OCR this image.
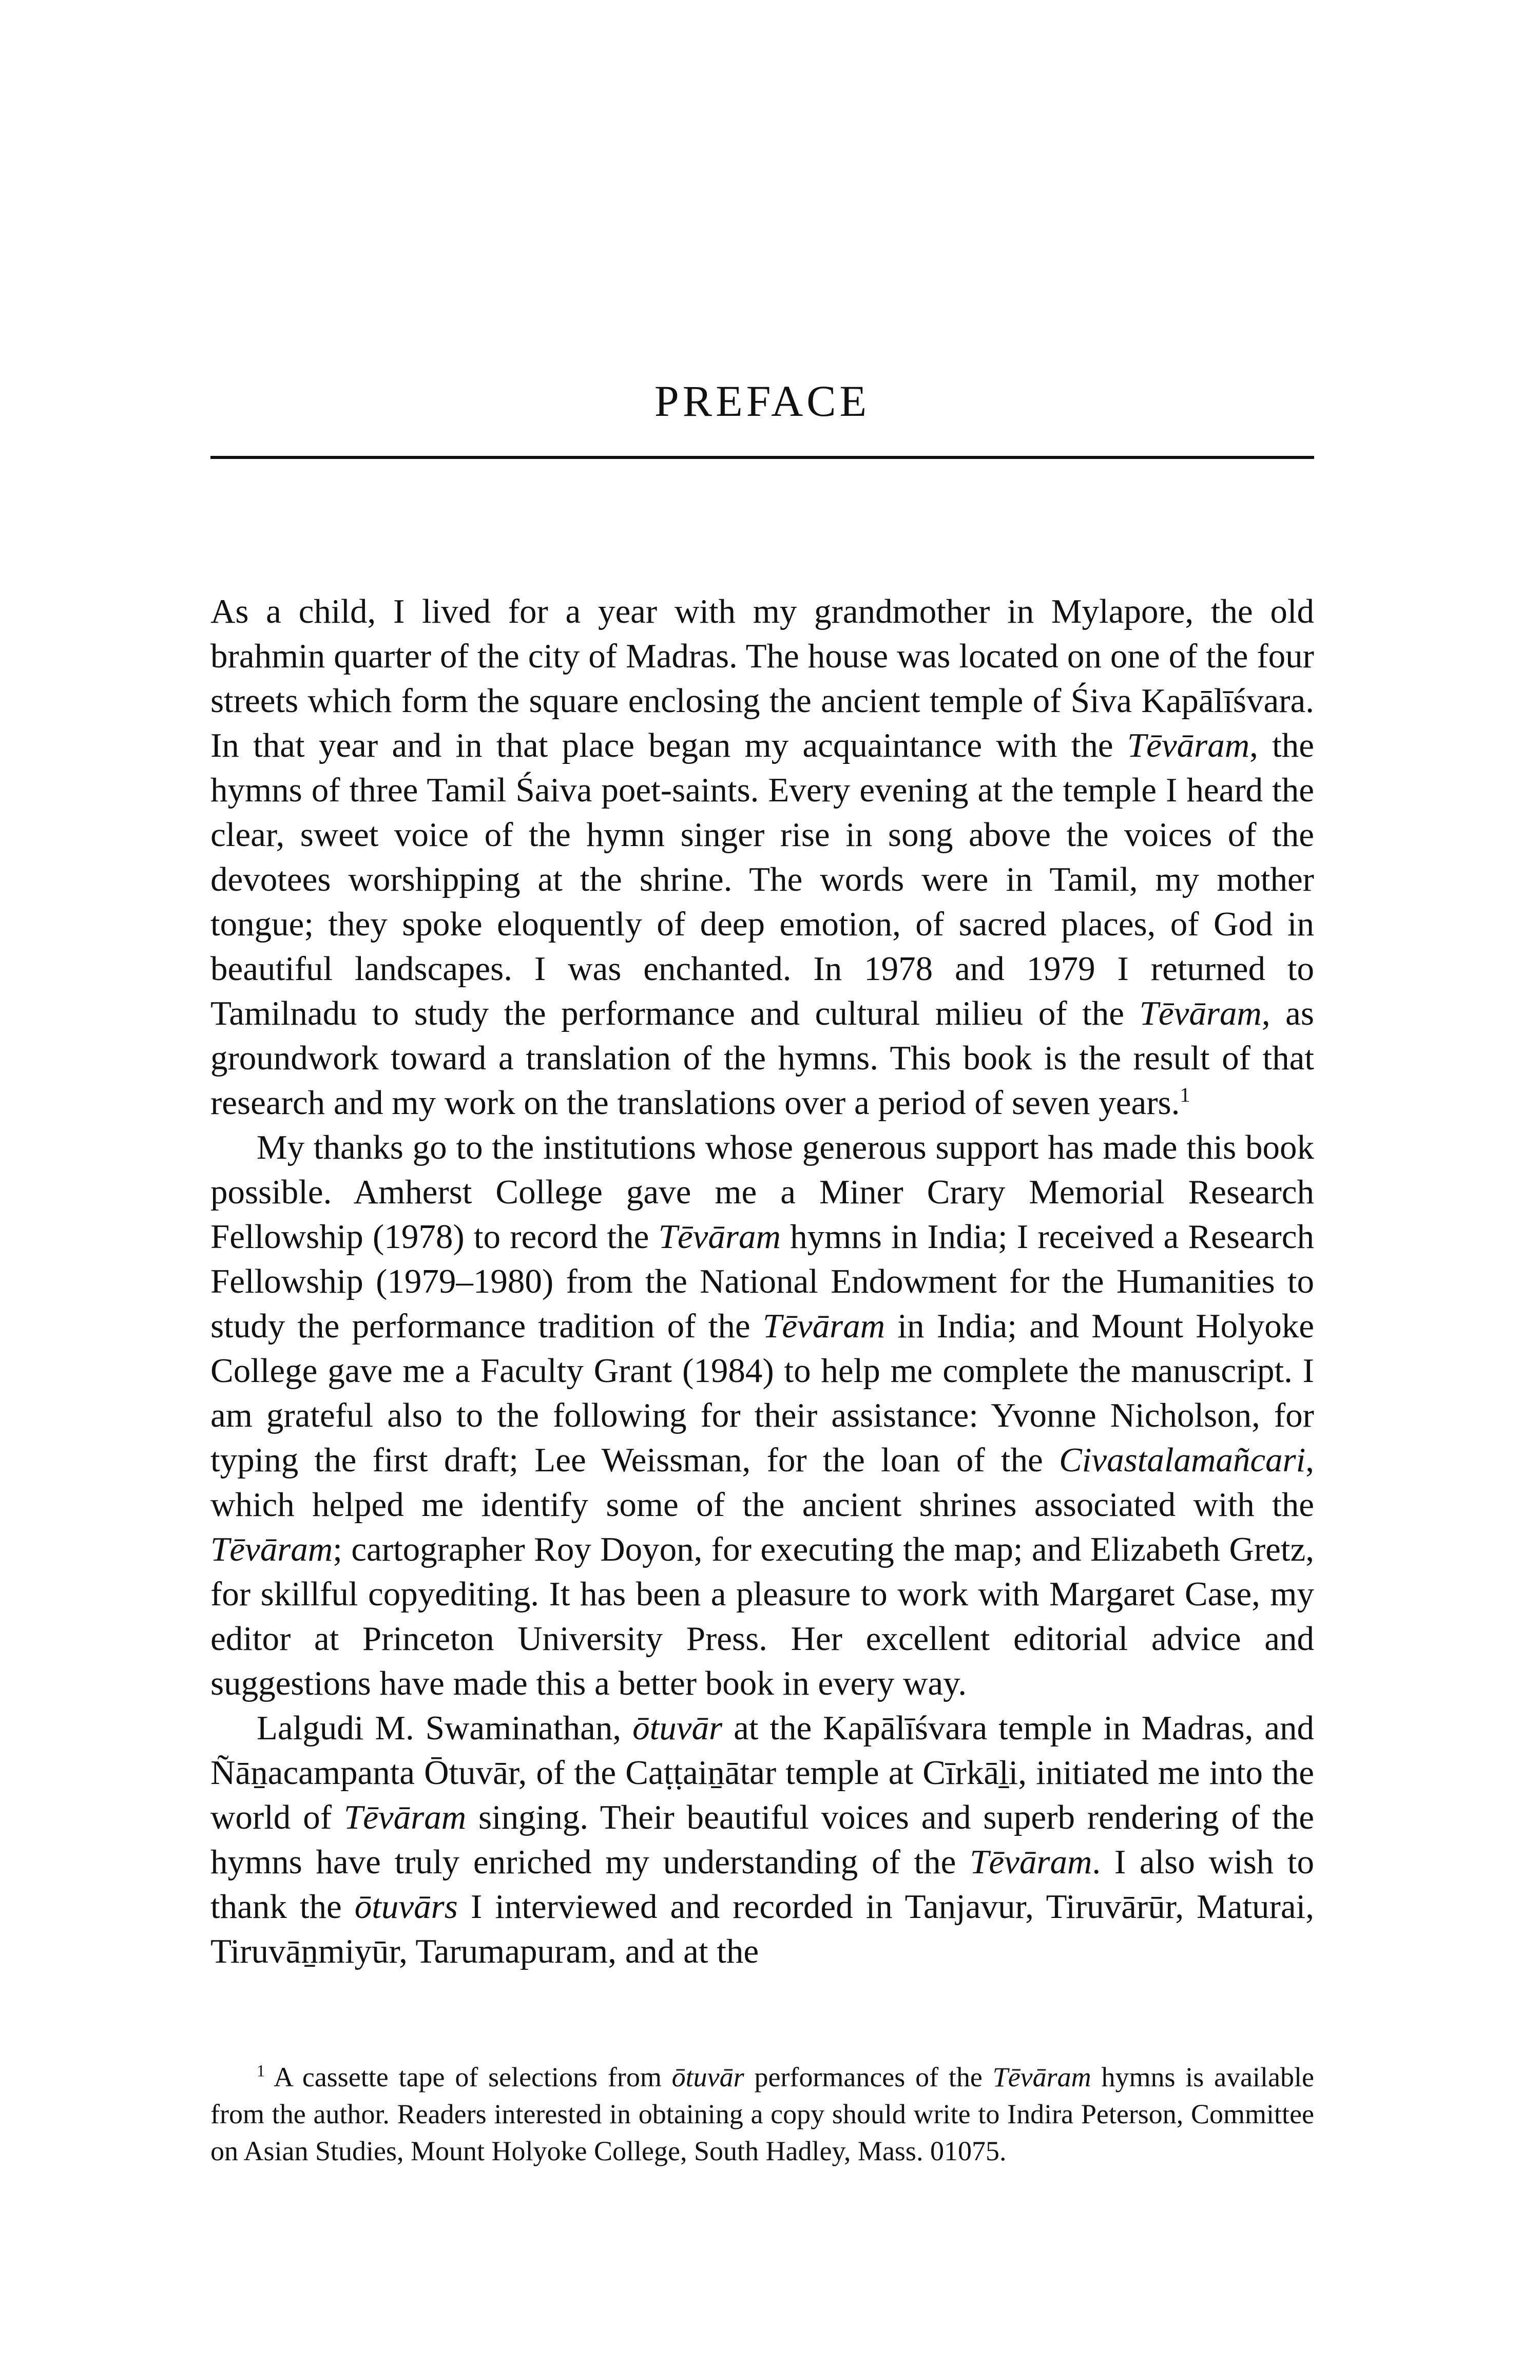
PREFACE

As a child, I lived for a year with my grandmother in Mylapore, the old brahmin quarter of the city of Madras. The house was located on one of the four streets which form the square enclosing the ancient temple of Śiva Kapālīśvara. In that year and in that place began my acquaintance with the Tēvāram, the hymns of three Tamil Śaiva poet-saints. Every evening at the temple I heard the clear, sweet voice of the hymn singer rise in song above the voices of the devotees worshipping at the shrine. The words were in Tamil, my mother tongue; they spoke eloquently of deep emotion, of sacred places, of God in beautiful landscapes. I was enchanted. In 1978 and 1979 I returned to Tamilnadu to study the performance and cultural milieu of the Tēvāram, as groundwork toward a translation of the hymns. This book is the result of that research and my work on the translations over a period of seven years.$^1$

My thanks go to the institutions whose generous support has made this book possible. Amherst College gave me a Miner Crary Memorial Research Fellowship (1978) to record the Tēvāram hymns in India; I received a Research Fellowship (1979–1980) from the National Endowment for the Humanities to study the performance tradition of the Tēvāram in India; and Mount Holyoke College gave me a Faculty Grant (1984) to help me complete the manuscript. I am grateful also to the following for their assistance: Yvonne Nicholson, for typing the first draft; Lee Weissman, for the loan of the Civastalamañcari, which helped me identify some of the ancient shrines associated with the Tēvāram; cartographer Roy Doyon, for executing the map; and Elizabeth Gretz, for skillful copyediting. It has been a pleasure to work with Margaret Case, my editor at Princeton University Press. Her excellent editorial advice and suggestions have made this a better book in every way.

Lalgudi M. Swaminathan, ōtuvār at the Kapālīśvara temple in Madras, and Ñāṉacampanta Ōtuvār, of the Caṭṭaiṉātar temple at Cīrkāḻi, initiated me into the world of Tēvāram singing. Their beautiful voices and superb rendering of the hymns have truly enriched my understanding of the Tēvāram. I also wish to thank the ōtuvārs I interviewed and recorded in Tanjavur, Tiruvārūr, Maturai, Tiruvāṉmiyūr, Tarumapuram, and at the

$^1$ A cassette tape of selections from ōtuvār performances of the Tēvāram hymns is available from the author. Readers interested in obtaining a copy should write to Indira Peterson, Committee on Asian Studies, Mount Holyoke College, South Hadley, Mass. 01075.
